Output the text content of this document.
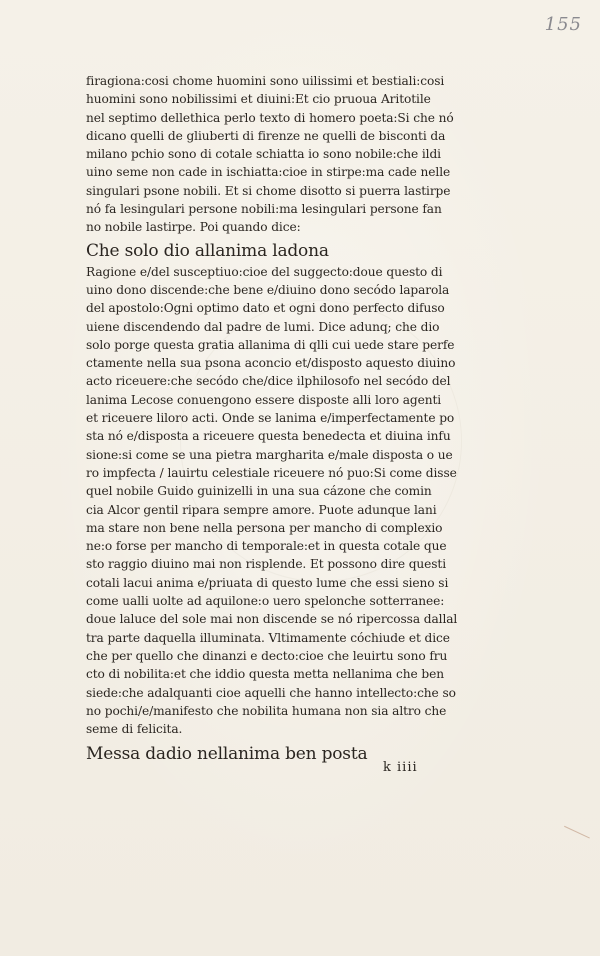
155
firagiona:cosi chome huomini sono uilissimi et bestiali:cosi
huomini sono nobilissimi et diuini:Et cio pruoua Aritotile
nel septimo dellethica perlo texto di homero poeta:Si che nó
dicano quelli de gliuberti di firenze ne quelli de bisconti da
milano pchio sono di cotale schiatta io sono nobile:che ildi
uino seme non cade in ischiatta:cioe in stirpe:ma cade nelle
singulari psone nobili. Et si chome disotto si puerra lastirpe
nó fa lesingulari persone nobili:ma lesingulari persone fan
no nobile lastirpe. Poi quando dice:
Che solo dio allanima ladona
Ragione e/del susceptiuo:cioe del suggecto:doue questo di
uino dono discende:che bene e/diuino dono secódo laparola
del apostolo:Ogni optimo dato et ogni dono perfecto difuso
uiene discendendo dal padre de lumi. Dice adunq; che dio
solo porge questa gratia allanima di qlli cui uede stare perfe
ctamente nella sua psona aconcio et/disposto aquesto diuino
acto riceuere:che secódo che/dice ilphilosofo nel secódo del
lanima Lecose conuengono essere disposte alli loro agenti
et riceuere liloro acti. Onde se lanima e/imperfectamente po
sta nó e/disposta a riceuere questa benedecta et diuina infu
sione:si come se una pietra margharita e/male disposta o ue
ro impfecta / lauirtu celestiale riceuere nó puo:Si come disse
quel nobile Guido guinizelli in una sua cázone che comin
cia Alcor gentil ripara sempre amore. Puote adunque lani
ma stare non bene nella persona per mancho di complexio
ne:o forse per mancho di temporale:et in questa cotale que
sto raggio diuino mai non risplende. Et possono dire questi
cotali lacui anima e/priuata di questo lume che essi sieno si
come ualli uolte ad aquilone:o uero spelonche sotterranee:
doue laluce del sole mai non discende se nó ripercossa dallal
tra parte daquella illuminata. Vltimamente cóchiude et dice
che per quello che dinanzi e decto:cioe che leuirtu sono fru
cto di nobilita:et che iddio questa metta nellanima che ben
siede:che adalquanti cioe aquelli che hanno intellecto:che so
no pochi/e/manifesto che nobilita humana non sia altro che
seme di felicita.
Messa dadio nellanima ben posta
k iiii
